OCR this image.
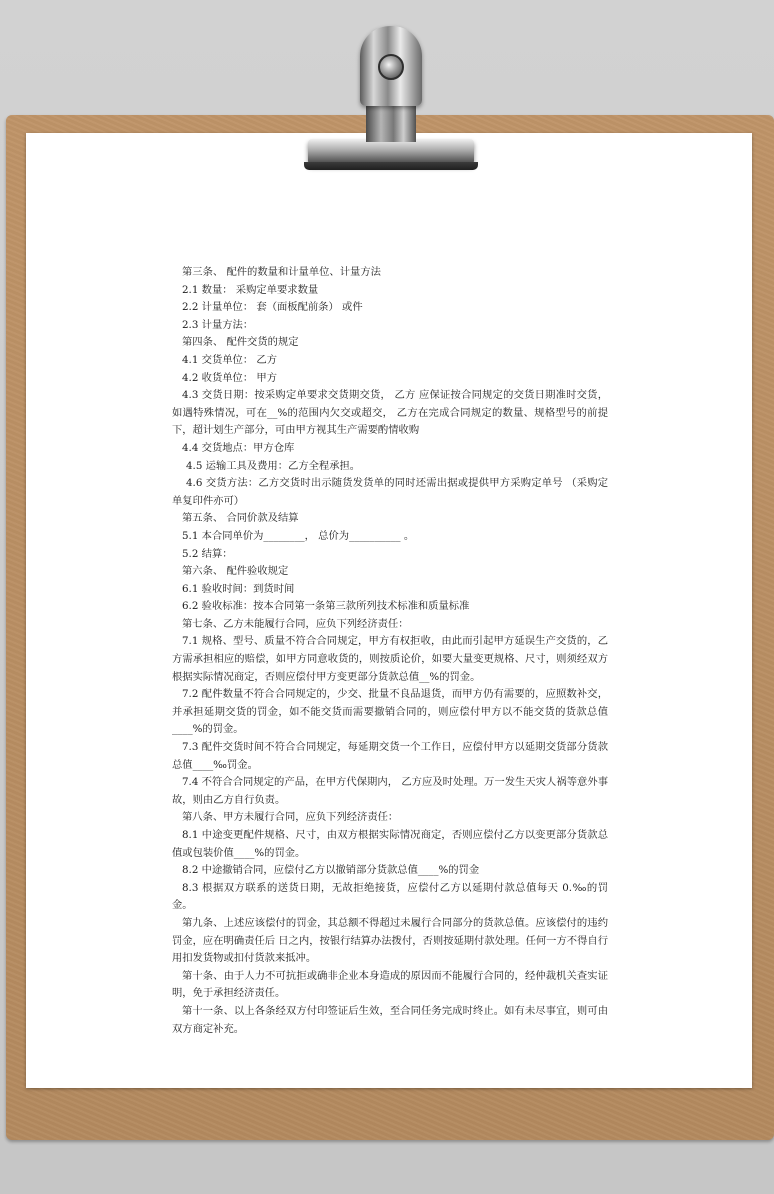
第三条、 配件的数量和计量单位、计量方法

2.1 数量： 采购定单要求数量

2.2 计量单位： 套（面板配前条） 或件

2.3 计量方法：

第四条、 配件交货的规定

4.1 交货单位： 乙方

4.2 收货单位： 甲方

4.3 交货日期：按采购定单要求交货期交货， 乙方 应保证按合同规定的交货日期准时交货，如遇特殊情况，可在__%的范围内欠交或超交， 乙方在完成合同规定的数量、规格型号的前提下，超计划生产部分，可由甲方视其生产需要酌情收购

4.4 交货地点：甲方仓库

4.5 运输工具及费用：乙方全程承担。

4.6 交货方法：乙方交货时出示随货发货单的同时还需出据或提供甲方采购定单号 （采购定单复印件亦可）

第五条、 合同价款及结算

5.1 本合同单价为________， 总价为__________ 。

5.2 结算：

第六条、 配件验收规定

6.1 验收时间：到货时间

6.2 验收标准：按本合同第一条第三款所列技术标准和质量标准

第七条、乙方未能履行合同，应负下列经济责任：

7.1 规格、型号、质量不符合合同规定，甲方有权拒收，由此而引起甲方延误生产交货的，乙方需承担相应的赔偿，如甲方同意收货的，则按质论价，如要大量变更规格、尺寸，则须经双方根据实际情况商定，否则应偿付甲方变更部分货款总值__%的罚金。

7.2 配件数量不符合合同规定的，少交、批量不良品退货，而甲方仍有需要的，应照数补交，并承担延期交货的罚金，如不能交货而需要撤销合同的，则应偿付甲方以不能交货的货款总值____%的罚金。

7.3 配件交货时间不符合合同规定，每延期交货一个工作日，应偿付甲方以延期交货部分货款总值____‰罚金。

7.4 不符合合同规定的产品，在甲方代保期内， 乙方应及时处理。万一发生天灾人祸等意外事故，则由乙方自行负责。

第八条、甲方未履行合同，应负下列经济责任：

8.1 中途变更配件规格、尺寸，由双方根据实际情况商定，否则应偿付乙方以变更部分货款总值或包装价值____%的罚金。

8.2 中途撤销合同，应偿付乙方以撤销部分货款总值____%的罚金

8.3 根据双方联系的送货日期，无故拒绝接货，应偿付乙方以延期付款总值每天 0.‰的罚金。

第九条、上述应该偿付的罚金，其总额不得超过未履行合同部分的货款总值。应该偿付的违约罚金，应在明确责任后 日之内，按银行结算办法拨付，否则按延期付款处理。任何一方不得自行用扣发货物或扣付货款来抵冲。

第十条、由于人力不可抗拒或确非企业本身造成的原因而不能履行合同的，经仲裁机关查实证明，免于承担经济责任。

第十一条、以上各条经双方付印签证后生效，至合同任务完成时终止。如有未尽事宜，则可由双方商定补充。
